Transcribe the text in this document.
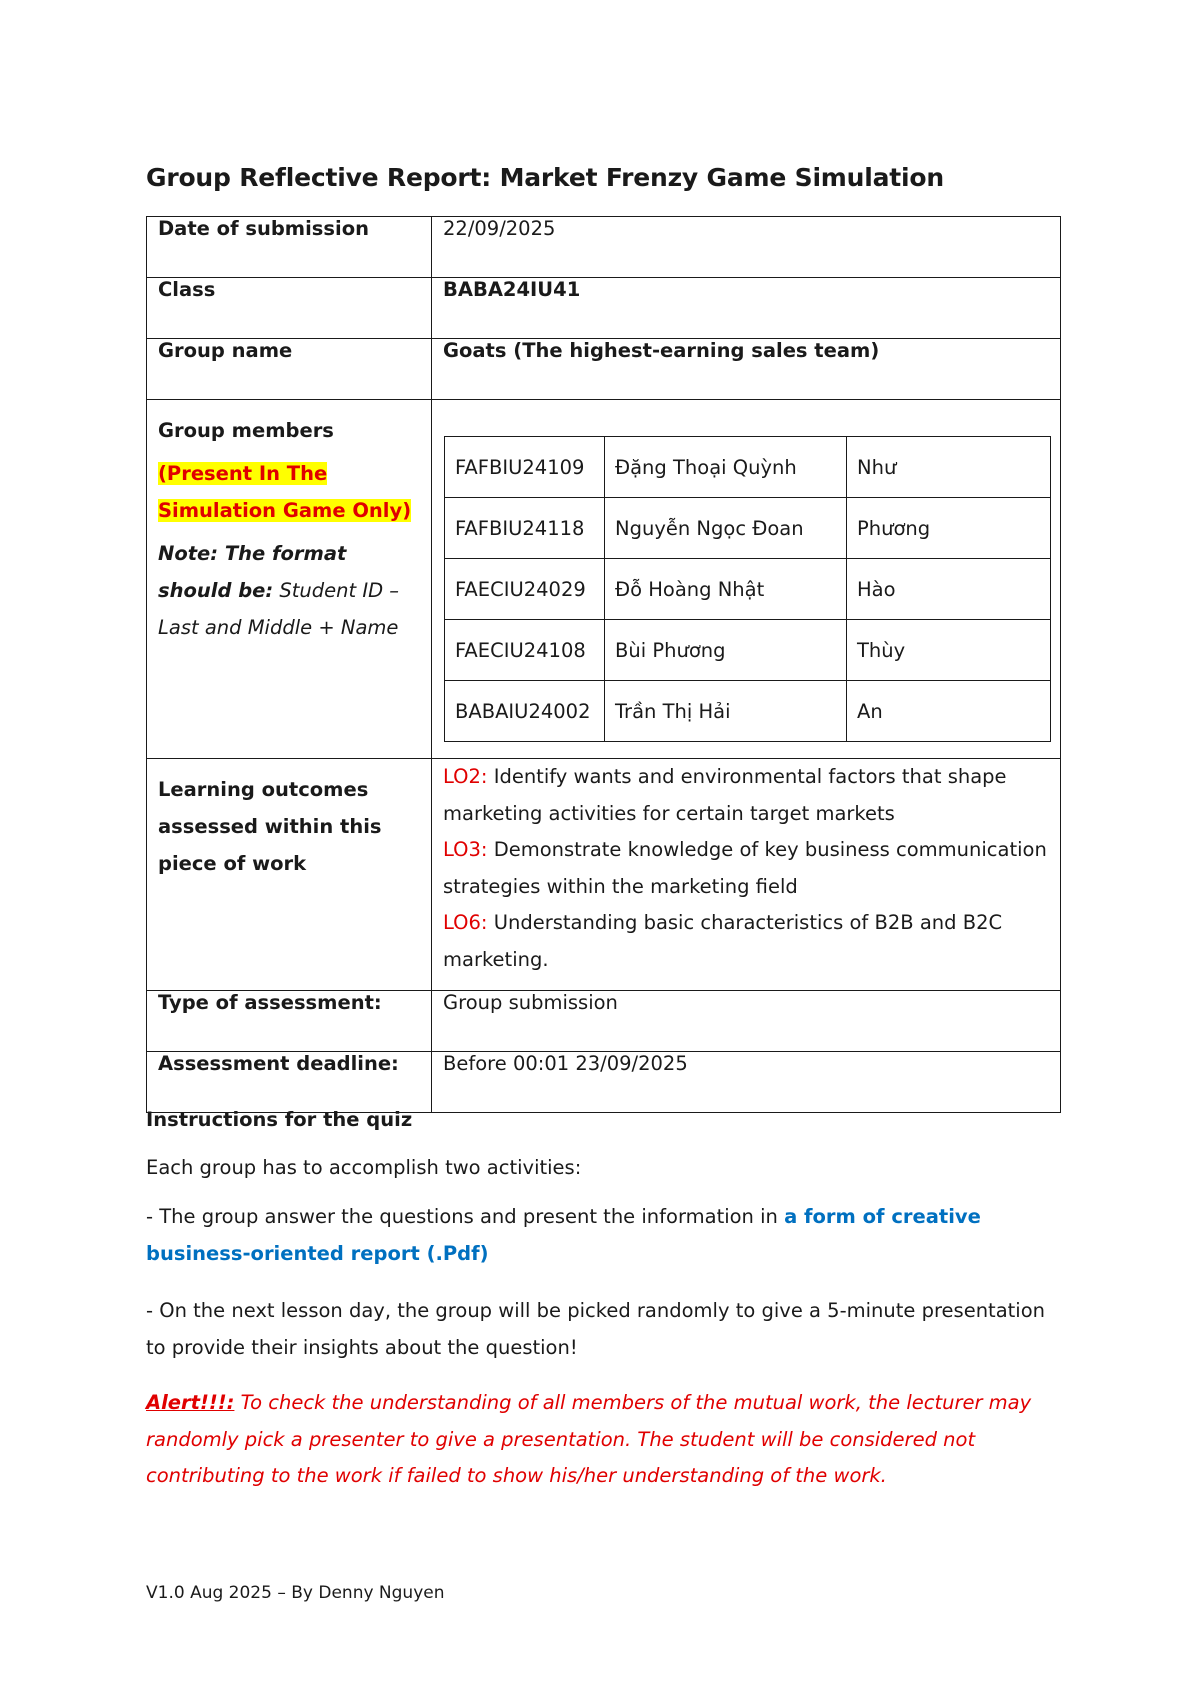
Group Reflective Report: Market Frenzy Game Simulation
Date of submission	22/09/2025
Class	BABA24IU41
Group name	Goats (The highest-earning sales team)

Group members
(Present In The Simulation Game Only)
Note: The format should be: Student ID – Last and Middle + Name

FAFBIU24109	Đặng Thoại Quỳnh	Như
FAFBIU24118	Nguyễn Ngọc Đoan	Phương
FAECIU24029	Đỗ Hoàng Nhật	Hào
FAECIU24108	Bùi Phương	Thùy
BABAIU24002	Trần Thị Hải	An

Learning outcomes assessed within this piece of work	
LO2: Identify wants and environmental factors that shape marketing activities for certain target markets
LO3: Demonstrate knowledge of key business communication strategies within the marketing field
LO6: Understanding basic characteristics of B2B and B2C marketing.

Type of assessment:	Group submission
Assessment deadline:	Before 00:01 23/09/2025
Instructions for the quiz
Each group has to accomplish two activities:
- The group answer the questions and present the information in a form of creative business-oriented report (.Pdf)
- On the next lesson day, the group will be picked randomly to give a 5-minute presentation to provide their insights about the question!
Alert!!!: To check the understanding of all members of the mutual work, the lecturer may randomly pick a presenter to give a presentation. The student will be considered not contributing to the work if failed to show his/her understanding of the work.
V1.0 Aug 2025 – By Denny Nguyen
